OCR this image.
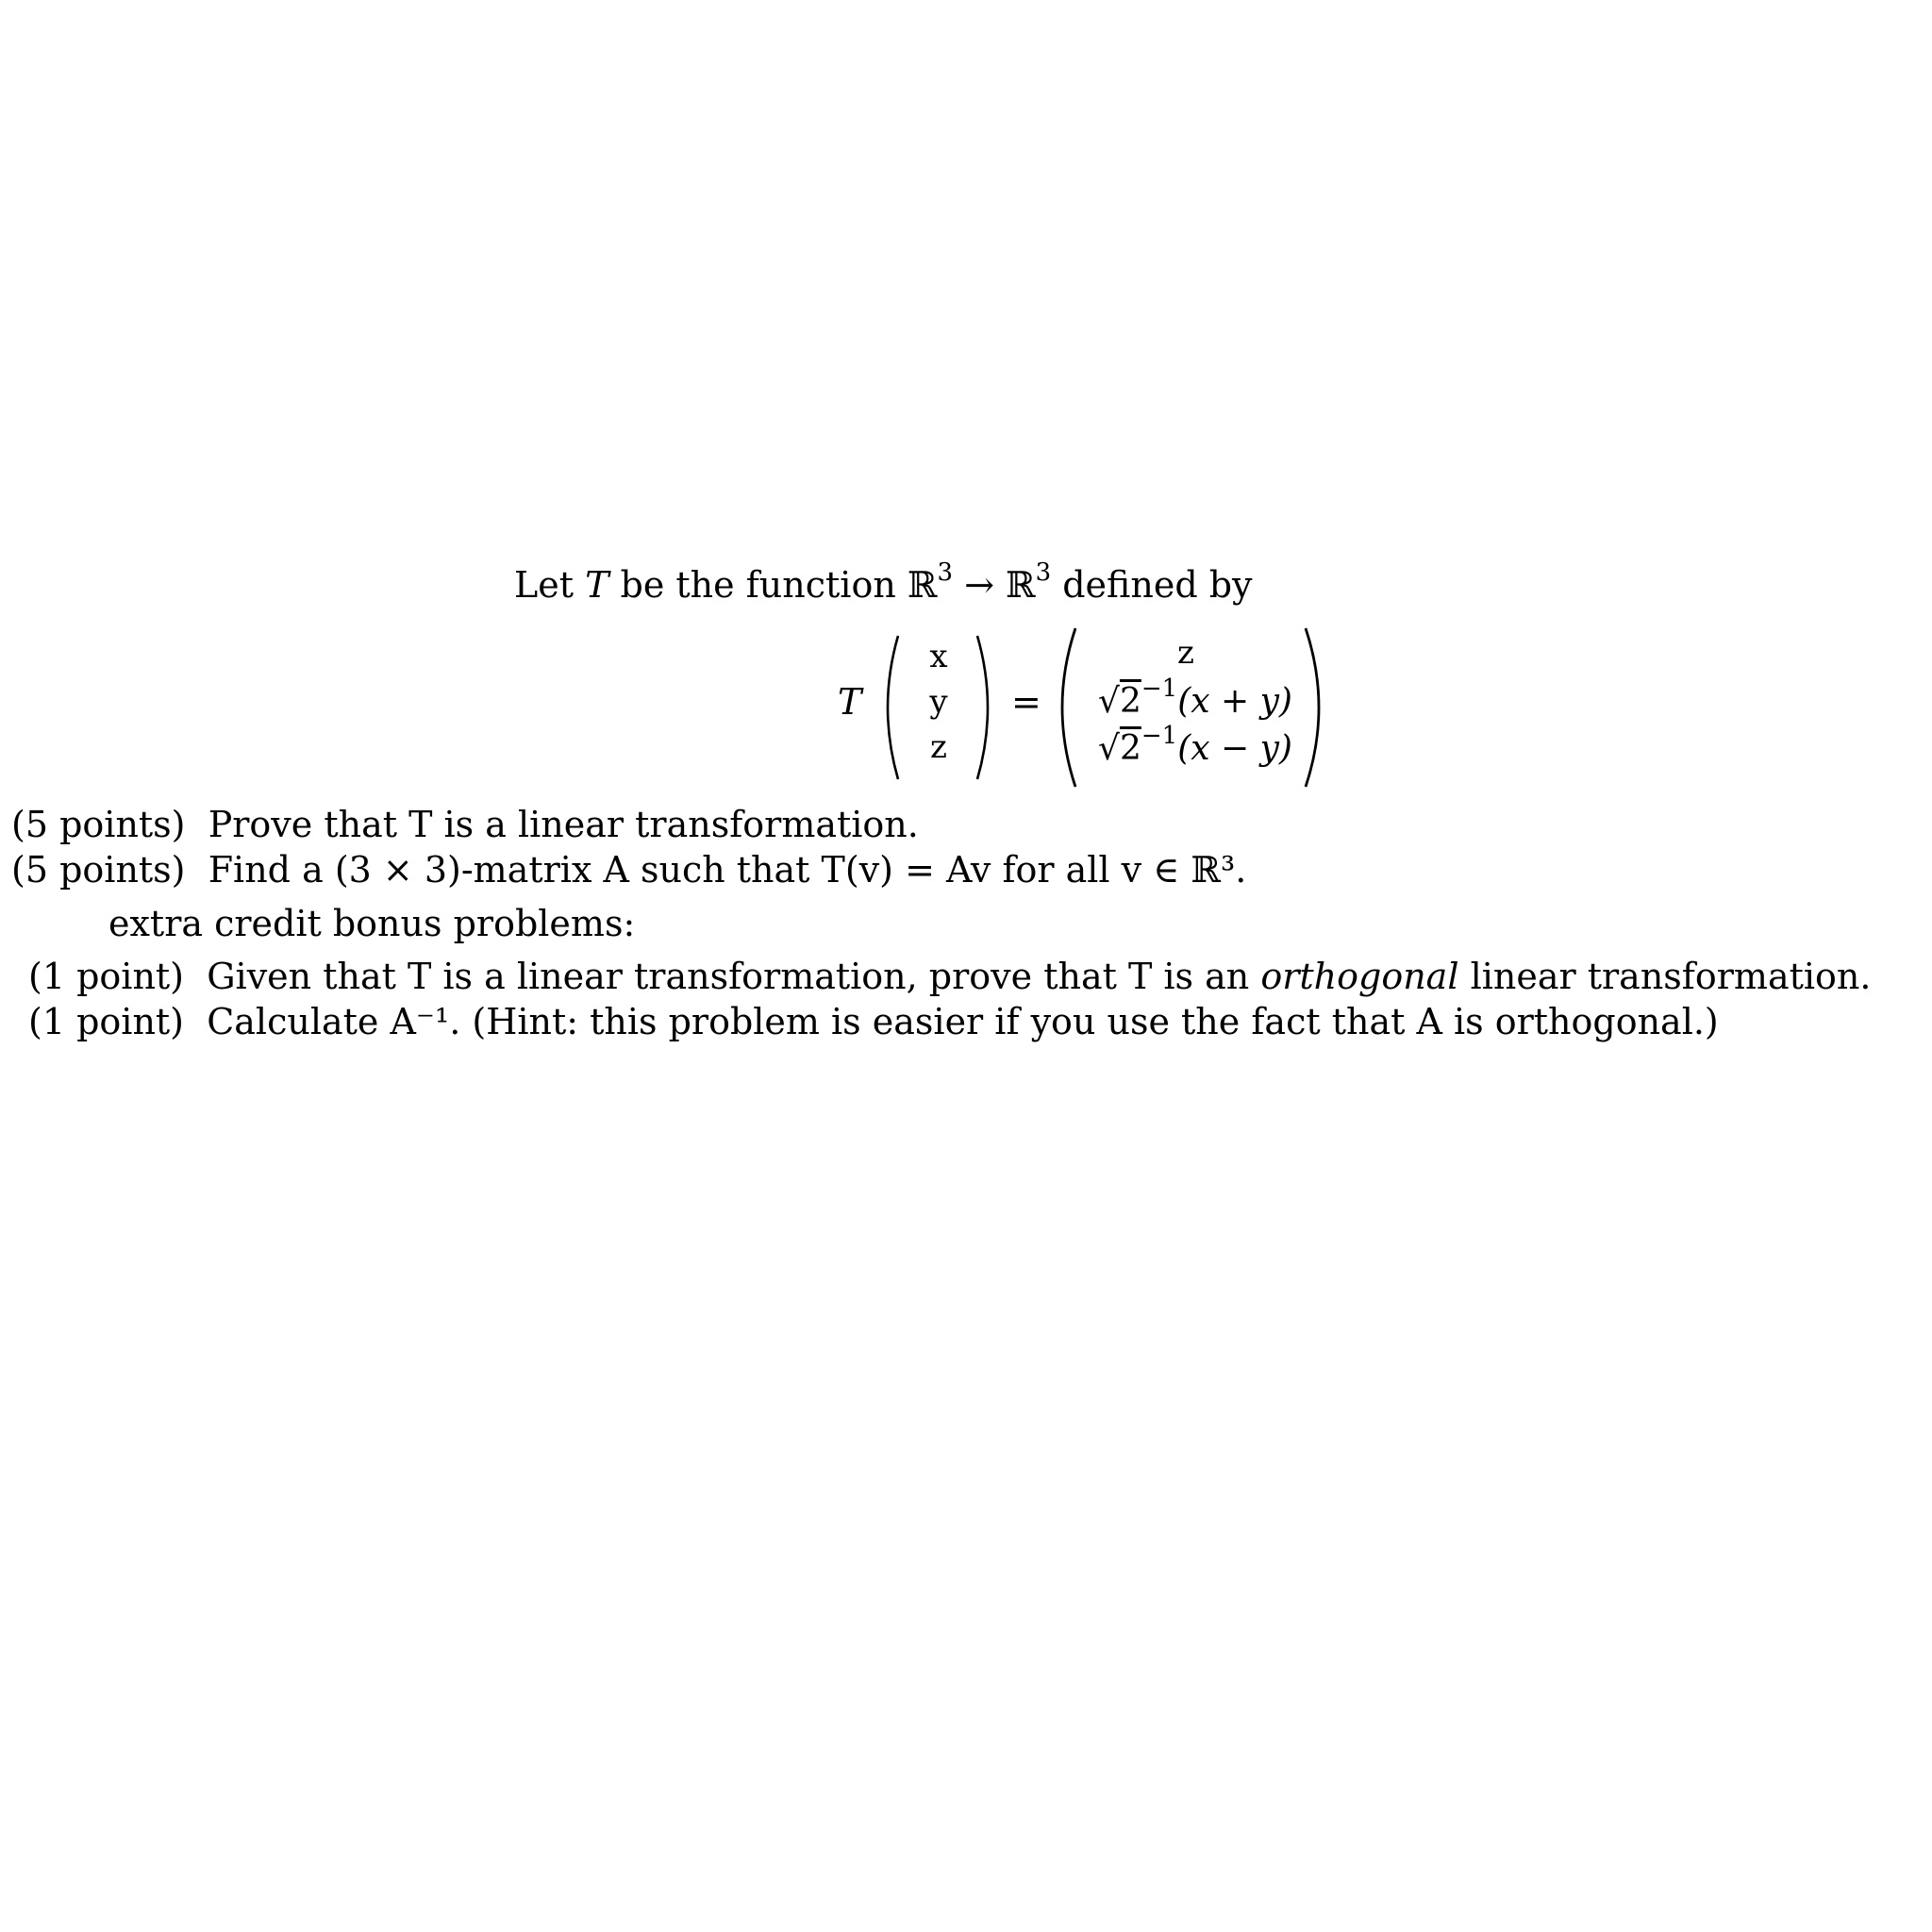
Let T be the function ℝ$^3$ → ℝ$^3$ defined by
T
x
y
z
=
z
$√2^{-1}(x + y)$
$√2^{-1}(x - y)$
(5 points) Prove that T is a linear transformation.
(5 points) Find a (3 × 3)-matrix A such that T(v) = Av for all v ∈ ℝ³.
extra credit bonus problems:
(1 point) Given that T is a linear transformation, prove that T is an orthogonal linear transformation.
(1 point) Calculate A⁻¹. (Hint: this problem is easier if you use the fact that A is orthogonal.)
